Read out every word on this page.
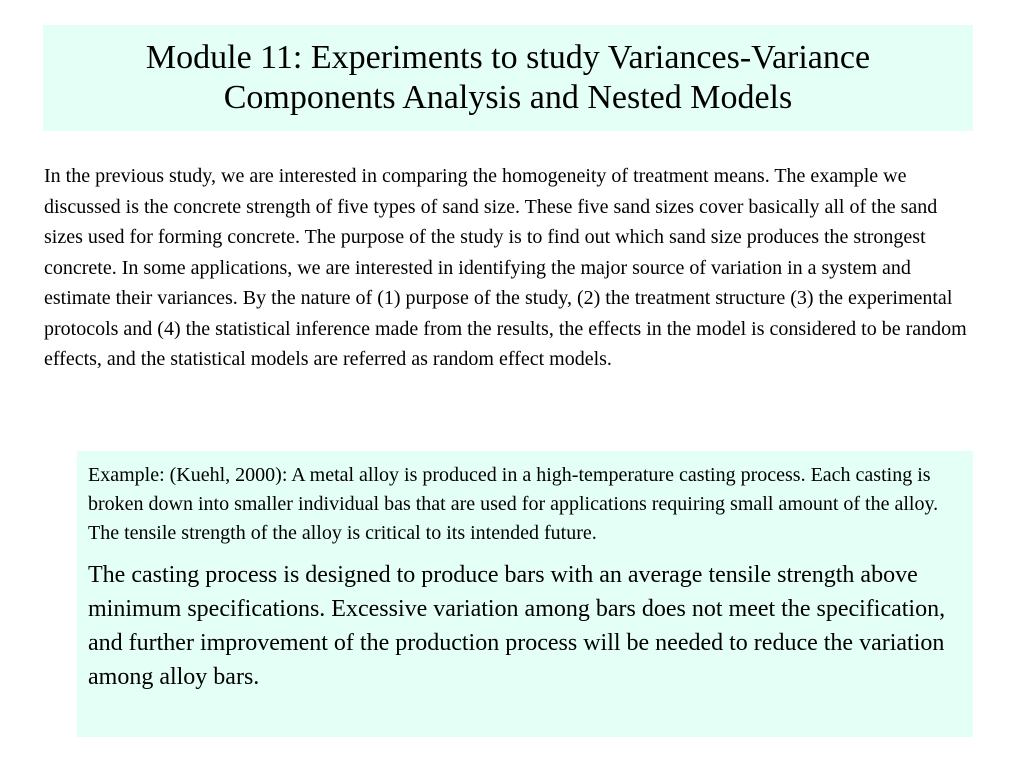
Module 11: Experiments to study Variances-Variance
Components Analysis and Nested Models

In the previous study, we are interested in comparing the homogeneity of treatment means. The example we discussed is the concrete strength of five types of sand size. These five sand sizes cover basically all of the sand sizes used for forming concrete. The purpose of the study is to find out which sand size produces the strongest concrete. In some applications, we are interested in identifying the major source of variation in a system and estimate their variances. By the nature of (1) purpose of the study, (2) the treatment structure (3) the experimental protocols and (4) the statistical inference made from the results, the effects in the model is considered to be random effects, and the statistical models are referred as random effect models.

Example: (Kuehl, 2000): A metal alloy is produced in a high-temperature casting process. Each casting is broken down into smaller individual bas that are used for applications requiring small amount of the alloy. The tensile strength of the alloy is critical to its intended future.

The casting process is designed to produce bars with an average tensile strength above minimum specifications. Excessive variation among bars does not meet the specification, and further improvement of the production process will be needed to reduce the variation among alloy bars.
